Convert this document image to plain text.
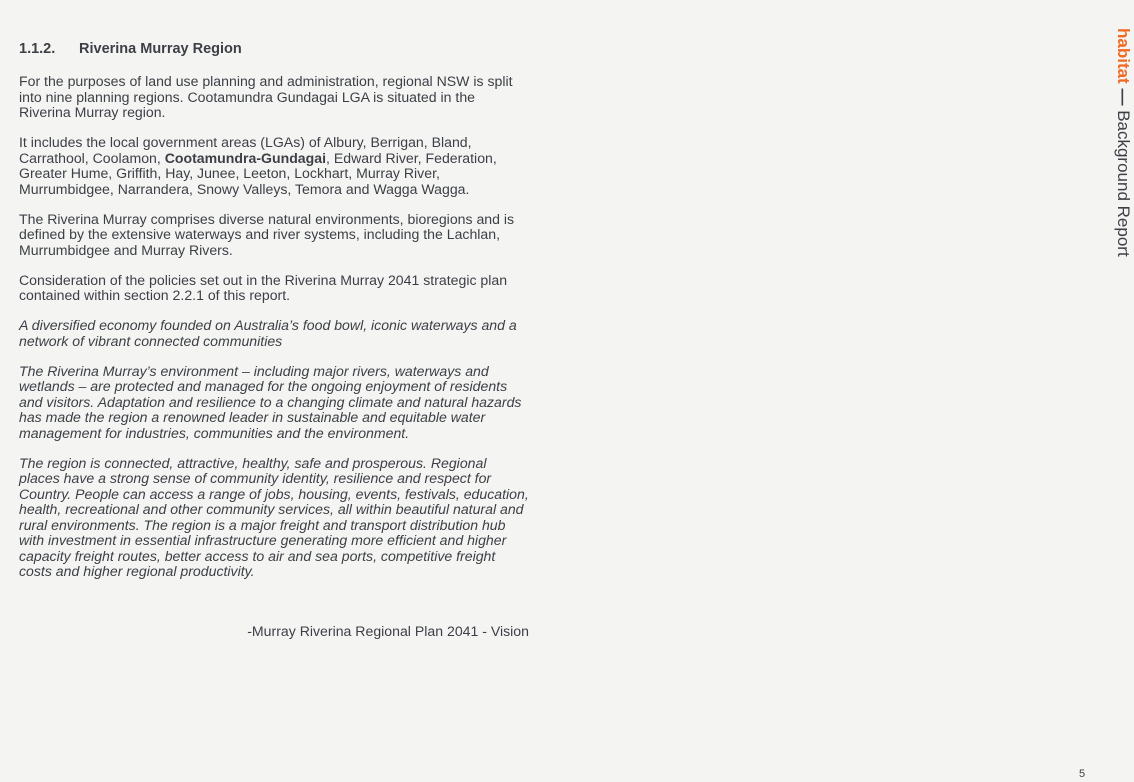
1.1.2. Riverina Murray Region

For the purposes of land use planning and administration, regional NSW is split into nine planning regions. Cootamundra Gundagai LGA is situated in the Riverina Murray region.

It includes the local government areas (LGAs) of Albury, Berrigan, Bland, Carrathool, Coolamon, Cootamundra-Gundagai, Edward River, Federation, Greater Hume, Griffith, Hay, Junee, Leeton, Lockhart, Murray River, Murrumbidgee, Narrandera, Snowy Valleys, Temora and Wagga Wagga.

The Riverina Murray comprises diverse natural environments, bioregions and is defined by the extensive waterways and river systems, including the Lachlan, Murrumbidgee and Murray Rivers.

Consideration of the policies set out in the Riverina Murray 2041 strategic plan contained within section 2.2.1 of this report.

A diversified economy founded on Australia’s food bowl, iconic waterways and a network of vibrant connected communities

The Riverina Murray’s environment – including major rivers, waterways and wetlands – are protected and managed for the ongoing enjoyment of residents and visitors. Adaptation and resilience to a changing climate and natural hazards has made the region a renowned leader in sustainable and equitable water management for industries, communities and the environment.

The region is connected, attractive, healthy, safe and prosperous. Regional places have a strong sense of community identity, resilience and respect for Country. People can access a range of jobs, housing, events, festivals, education, health, recreational and other community services, all within beautiful natural and rural environments. The region is a major freight and transport distribution hub with investment in essential infrastructure generating more efficient and higher capacity freight routes, better access to air and sea ports, competitive freight costs and higher regional productivity.

-Murray Riverina Regional Plan 2041 - Vision
habitat — Background Report
5
